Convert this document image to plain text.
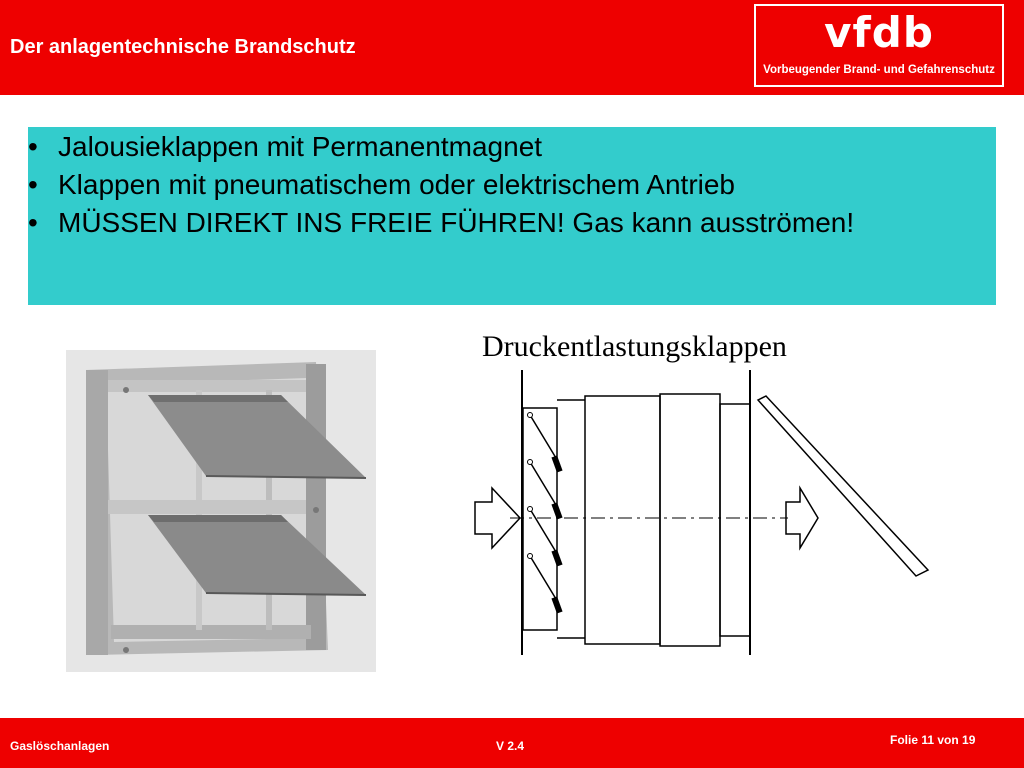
Der anlagentechnische Brandschutz	vfdb
Vorbeugender Brand- und Gefahrenschutz
• Jalousieklappen mit Permanentmagnet
• Klappen mit pneumatischem oder elektrischem Antrieb
• MÜSSEN DIREKT INS FREIE FÜHREN! Gas kann ausströmen!
Druckentlastungsklappen
Gaslöschanlagen	V 2.4	Folie 11 von 19
